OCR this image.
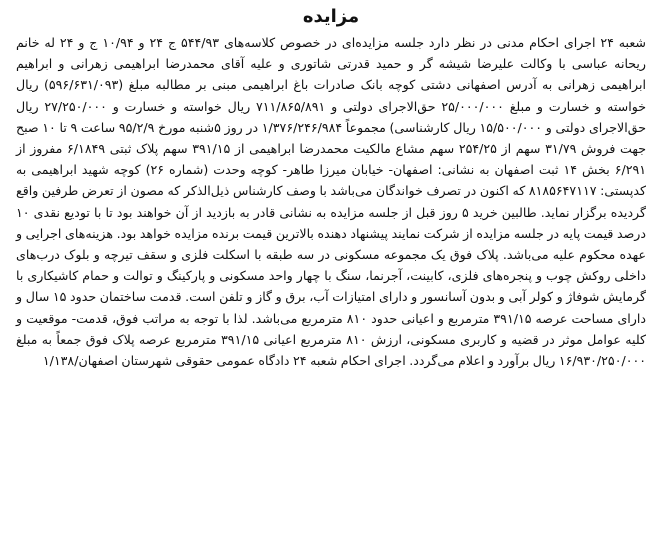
مزایده

شعبه ۲۴ اجرای احکام مدنی در نظر دارد جلسه مزایده‌ای در خصوص کلاسه‌های ۵۴۴/۹۳ ج ۲۴ و ۱۰/۹۴ ج و ۲۴ له خانم ریحانه عباسی با وکالت علیرضا شیشه گر و حمید قدرتی شاتوری و علیه آقای محمدرضا ابراهیمی زهرانی و ابراهیم ابراهیمی زهرانی به آدرس اصفهانی دشتی کوچه بانک صادرات باغ ابراهیمی مبنی بر مطالبه مبلغ (۵۹۶/۶۳۱/۰۹۳) ریال خواسته و خسارت و مبلغ ۲۵/۰۰۰/۰۰۰ حق‌الاجرای دولتی و ۷۱۱/۸۶۵/۸۹۱ ریال خواسته و خسارت و ۲۷/۲۵۰/۰۰۰ ریال حق‌الاجرای دولتی و ۱۵/۵۰۰/۰۰۰ ریال کارشناسی) مجموعاً ۱/۳۷۶/۲۴۶/۹۸۴ در روز ۵شنبه مورخ ۹۵/۲/۹ ساعت ۹ تا ۱۰ صبح جهت فروش ۳۱/۷۹ سهم از ۲۵۴/۲۵ سهم مشاع مالکیت محمدرضا ابراهیمی از ۳۹۱/۱۵ سهم پلاک ثبتی ۶/۱۸۴۹ مفروز از ۶/۲۹۱ بخش ۱۴ ثبت اصفهان به نشانی: اصفهان- خیابان میرزا طاهر- کوچه وحدت (شماره ۲۶) کوچه شهید ابراهیمی به کدپستی: ۸۱۸۵۶۴۷۱۱۷ که اکنون در تصرف خواندگان می‌باشد با وصف کارشناس ذیل‌الذکر که مصون از تعرض طرفین واقع گردیده برگزار نماید. طالبین خرید ۵ روز قبل از جلسه مزایده به نشانی قادر به بازدید از آن خواهند بود تا با تودیع نقدی ۱۰ درصد قیمت پایه در جلسه مزایده از شرکت نمایند پیشنهاد دهنده بالاترین قیمت برنده مزایده خواهد بود. هزینه‌های اجرایی و عهده محکوم علیه می‌باشد. پلاک فوق یک مجموعه مسکونی در سه طبقه با اسکلت فلزی و سقف تیرچه و بلوک درب‌های داخلی روکش چوب و پنجره‌های فلزی، کابینت، آجرنما، سنگ با چهار واحد مسکونی و پارکینگ و توالت و حمام کاشیکاری با گرمایش شوفاژ و کولر آبی و بدون آسانسور و دارای امتیازات آب، برق و گاز و تلفن است. قدمت ساختمان حدود ۱۵ سال و دارای مساحت عرصه ۳۹۱/۱۵ مترمربع و اعیانی حدود ۸۱۰ مترمربع می‌باشد. لذا با توجه به مراتب فوق، قدمت- موقعیت و کلیه عوامل موثر در قضیه و کاربری مسکونی، ارزش ۸۱۰ مترمربع اعیانی ۳۹۱/۱۵ مترمربع عرصه پلاک فوق جمعاً به مبلغ ۱۶/۹۳۰/۲۵۰/۰۰۰ ریال برآورد و اعلام می‌گردد. اجرای احکام شعبه ۲۴ دادگاه عمومی حقوقی شهرستان اصفهان/۱/۱۳۸
